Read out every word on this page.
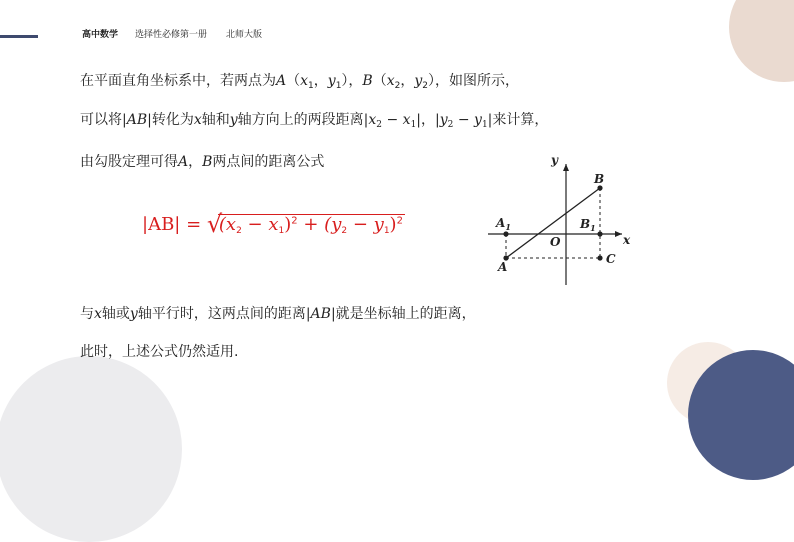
高中数学 选择性必修第一册 北师大版
在平面直角坐标系中，若两点为$A(x_1$，$y_1$），$B(x_2$，$y_2$），如图所示，
可以将|AB|转化为x轴和y轴方向上的两段距离$|x_2 - x_1|$，$|y_2 - y_1|$来计算，
由勾股定理可得A，B两点间的距离公式
|AB| = √
$(x_2 - x_1)^2 + (y_2 - y_1)^2$
x
y
O
A
B
C
$A_1$	$B_1$
与x轴或y轴平行时，这两点间的距离|AB|就是坐标轴上的距离，
此时，上述公式仍然适用.
